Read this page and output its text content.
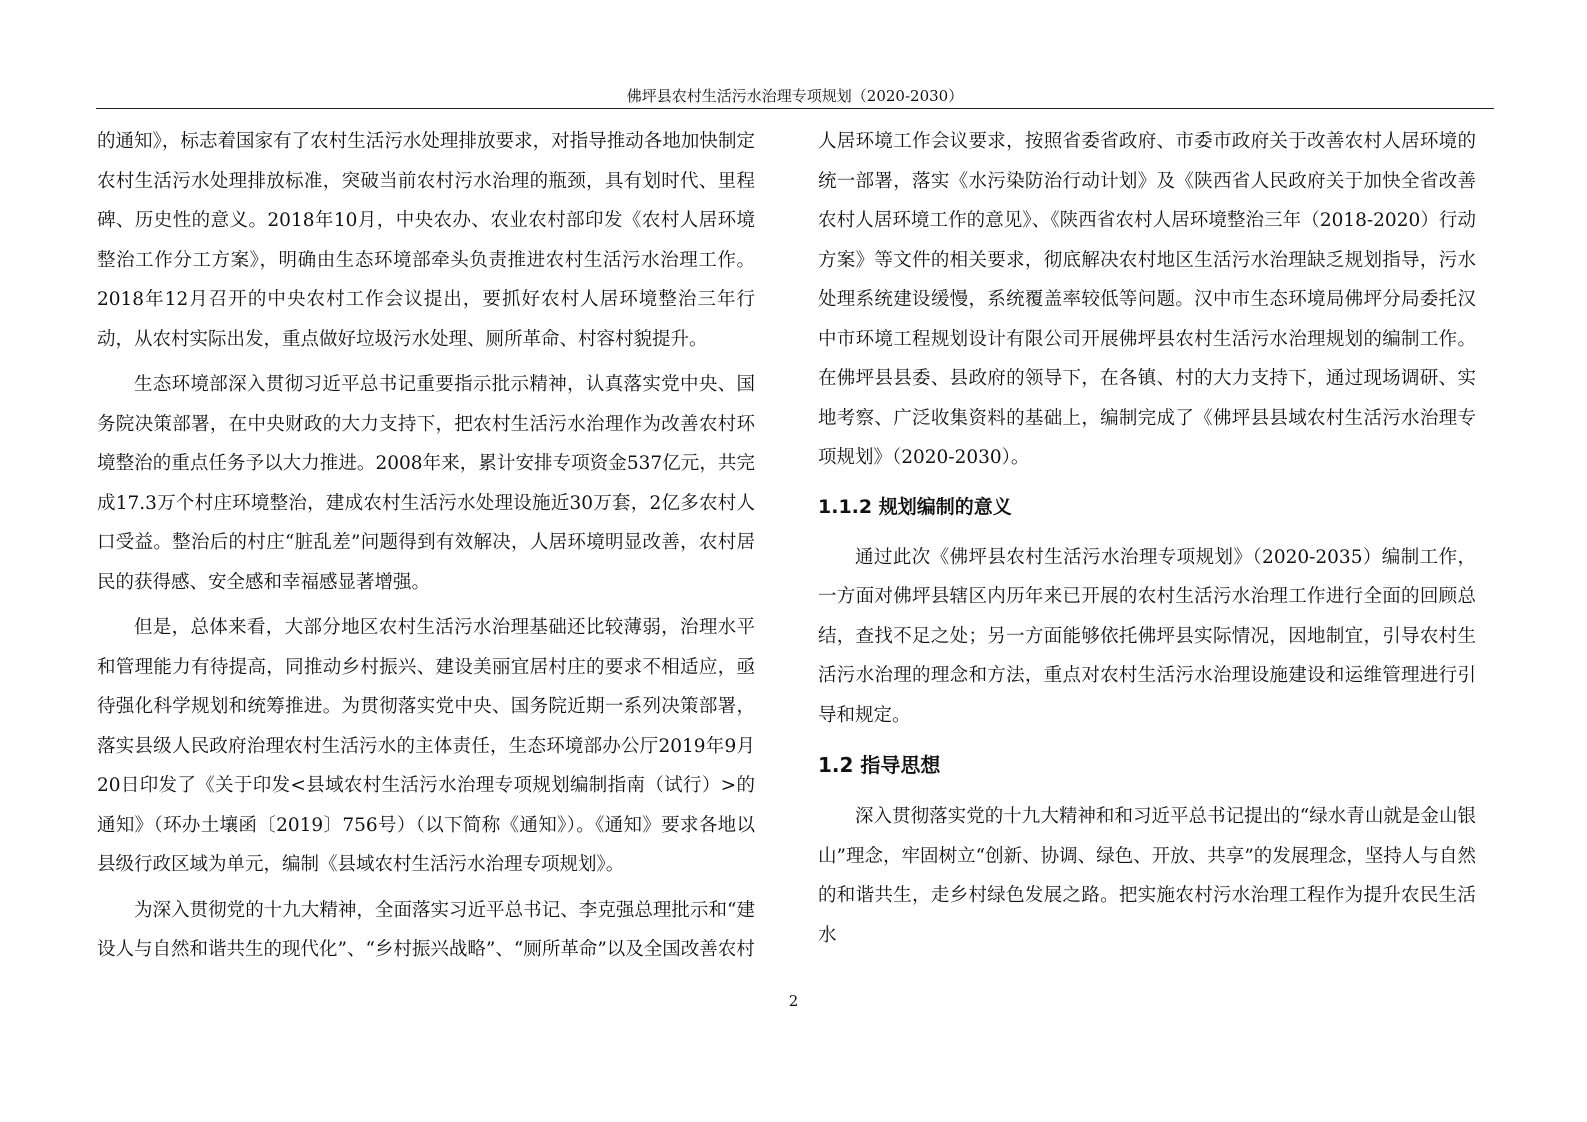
佛坪县农村生活污水治理专项规划（2020-2030）

的通知》，标志着国家有了农村生活污水处理排放要求，对指导推动各地加快制定农村生活污水处理排放标准，突破当前农村污水治理的瓶颈，具有划时代、里程碑、历史性的意义。2018年10月，中央农办、农业农村部印发《农村人居环境整治工作分工方案》，明确由生态环境部牵头负责推进农村生活污水治理工作。2018年12月召开的中央农村工作会议提出，要抓好农村人居环境整治三年行动，从农村实际出发，重点做好垃圾污水处理、厕所革命、村容村貌提升。

生态环境部深入贯彻习近平总书记重要指示批示精神，认真落实党中央、国务院决策部署，在中央财政的大力支持下，把农村生活污水治理作为改善农村环境整治的重点任务予以大力推进。2008年来，累计安排专项资金537亿元，共完成17.3万个村庄环境整治，建成农村生活污水处理设施近30万套，2亿多农村人口受益。整治后的村庄“脏乱差”问题得到有效解决，人居环境明显改善，农村居民的获得感、安全感和幸福感显著增强。

但是，总体来看，大部分地区农村生活污水治理基础还比较薄弱，治理水平和管理能力有待提高，同推动乡村振兴、建设美丽宜居村庄的要求不相适应，亟待强化科学规划和统筹推进。为贯彻落实党中央、国务院近期一系列决策部署，落实县级人民政府治理农村生活污水的主体责任，生态环境部办公厅2019年9月20日印发了《关于印发<县域农村生活污水治理专项规划编制指南（试行）>的通知》（环办土壤函〔2019〕756号）（以下简称《通知》）。《通知》要求各地以县级行政区域为单元，编制《县域农村生活污水治理专项规划》。

为深入贯彻党的十九大精神，全面落实习近平总书记、李克强总理批示和“建设人与自然和谐共生的现代化”、“乡村振兴战略”、“厕所革命”以及全国改善农村

人居环境工作会议要求，按照省委省政府、市委市政府关于改善农村人居环境的统一部署，落实《水污染防治行动计划》及《陕西省人民政府关于加快全省改善农村人居环境工作的意见》、《陕西省农村人居环境整治三年（2018-2020）行动方案》等文件的相关要求，彻底解决农村地区生活污水治理缺乏规划指导，污水处理系统建设缓慢，系统覆盖率较低等问题。汉中市生态环境局佛坪分局委托汉中市环境工程规划设计有限公司开展佛坪县农村生活污水治理规划的编制工作。在佛坪县县委、县政府的领导下，在各镇、村的大力支持下，通过现场调研、实地考察、广泛收集资料的基础上，编制完成了《佛坪县县域农村生活污水治理专项规划》（2020-2030）。

1.1.2 规划编制的意义

通过此次《佛坪县农村生活污水治理专项规划》（2020-2035）编制工作，一方面对佛坪县辖区内历年来已开展的农村生活污水治理工作进行全面的回顾总结，查找不足之处；另一方面能够依托佛坪县实际情况，因地制宜，引导农村生活污水治理的理念和方法，重点对农村生活污水治理设施建设和运维管理进行引导和规定。

1.2 指导思想

深入贯彻落实党的十九大精神和和习近平总书记提出的“绿水青山就是金山银山”理念，牢固树立“创新、协调、绿色、开放、共享”的发展理念，坚持人与自然的和谐共生，走乡村绿色发展之路。把实施农村污水治理工程作为提升农民生活水

2
